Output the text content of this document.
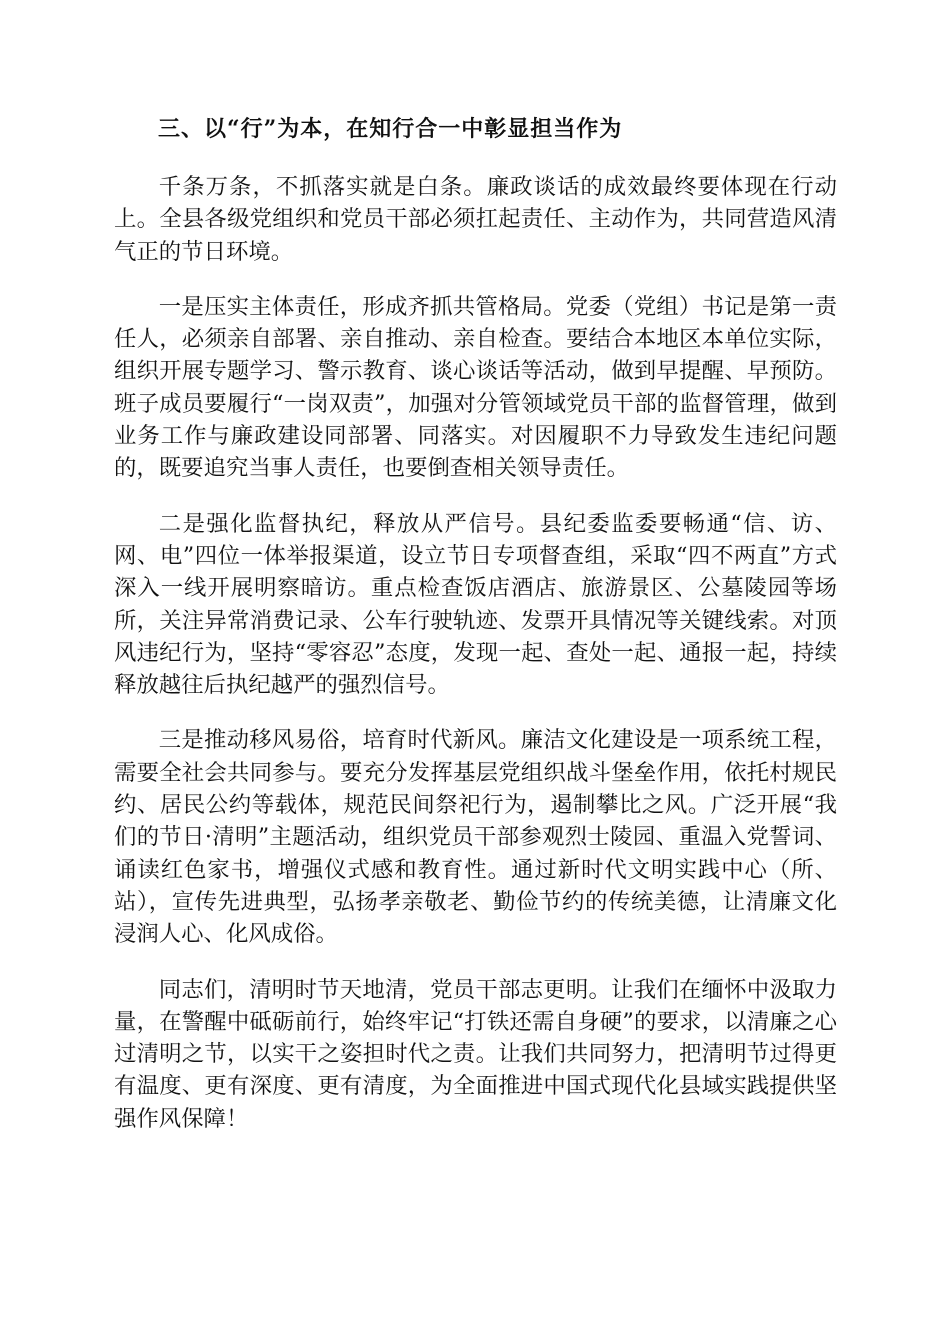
三、以“行”为本，在知行合一中彰显担当作为

千条万条，不抓落实就是白条。廉政谈话的成效最终要体现在行动上。全县各级党组织和党员干部必须扛起责任、主动作为，共同营造风清气正的节日环境。

一是压实主体责任，形成齐抓共管格局。党委（党组）书记是第一责任人，必须亲自部署、亲自推动、亲自检查。要结合本地区本单位实际，组织开展专题学习、警示教育、谈心谈话等活动，做到早提醒、早预防。班子成员要履行“一岗双责”，加强对分管领域党员干部的监督管理，做到业务工作与廉政建设同部署、同落实。对因履职不力导致发生违纪问题的，既要追究当事人责任，也要倒查相关领导责任。

二是强化监督执纪，释放从严信号。县纪委监委要畅通“信、访、网、电”四位一体举报渠道，设立节日专项督查组，采取“四不两直”方式深入一线开展明察暗访。重点检查饭店酒店、旅游景区、公墓陵园等场所，关注异常消费记录、公车行驶轨迹、发票开具情况等关键线索。对顶风违纪行为，坚持“零容忍”态度，发现一起、查处一起、通报一起，持续释放越往后执纪越严的强烈信号。

三是推动移风易俗，培育时代新风。廉洁文化建设是一项系统工程，需要全社会共同参与。要充分发挥基层党组织战斗堡垒作用，依托村规民约、居民公约等载体，规范民间祭祀行为，遏制攀比之风。广泛开展“我们的节日·清明”主题活动，组织党员干部参观烈士陵园、重温入党誓词、诵读红色家书，增强仪式感和教育性。通过新时代文明实践中心（所、站），宣传先进典型，弘扬孝亲敬老、勤俭节约的传统美德，让清廉文化浸润人心、化风成俗。

同志们，清明时节天地清，党员干部志更明。让我们在缅怀中汲取力量，在警醒中砥砺前行，始终牢记“打铁还需自身硬”的要求，以清廉之心过清明之节，以实干之姿担时代之责。让我们共同努力，把清明节过得更有温度、更有深度、更有清度，为全面推进中国式现代化县域实践提供坚强作风保障！
